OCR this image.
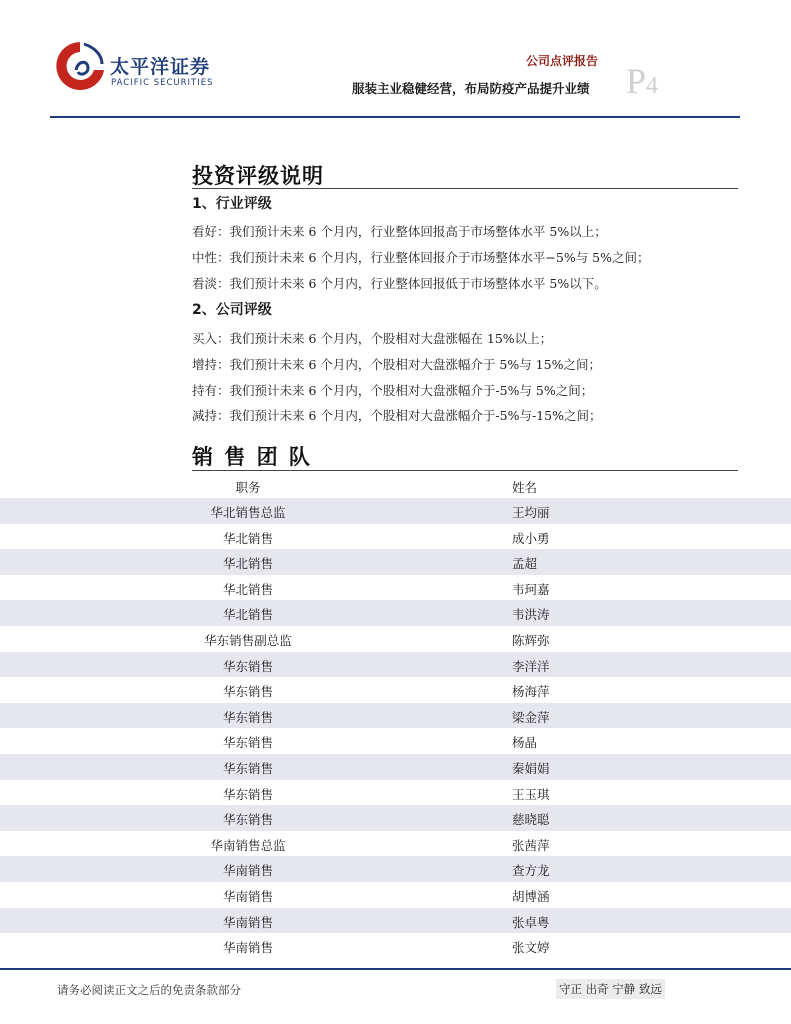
太平洋证券
PACIFIC SECURITIES
公司点评报告
服装主业稳健经营，布局防疫产品提升业绩 P4
投资评级说明
1、行业评级
看好：我们预计未来 6 个月内，行业整体回报高于市场整体水平 5%以上；
中性：我们预计未来 6 个月内，行业整体回报介于市场整体水平−5%与 5%之间；
看淡：我们预计未来 6 个月内，行业整体回报低于市场整体水平 5%以下。
2、公司评级
买入：我们预计未来 6 个月内，个股相对大盘涨幅在 15%以上；
增持：我们预计未来 6 个月内，个股相对大盘涨幅介于 5%与 15%之间；
持有：我们预计未来 6 个月内，个股相对大盘涨幅介于-5%与 5%之间；
减持：我们预计未来 6 个月内，个股相对大盘涨幅介于-5%与-15%之间；
销 售 团 队
职务	姓名
华北销售总监	王均丽
华北销售	成小勇
华北销售	孟超
华北销售	韦珂嘉
华北销售	韦洪涛
华东销售副总监	陈辉弥
华东销售	李洋洋
华东销售	杨海萍
华东销售	梁金萍
华东销售	杨晶
华东销售	秦娟娟
华东销售	王玉琪
华东销售	慈晓聪
华南销售总监	张茜萍
华南销售	查方龙
华南销售	胡博涵
华南销售	张卓粤
华南销售	张文婷
请务必阅读正文之后的免责条款部分	守正 出奇 宁静 致远
